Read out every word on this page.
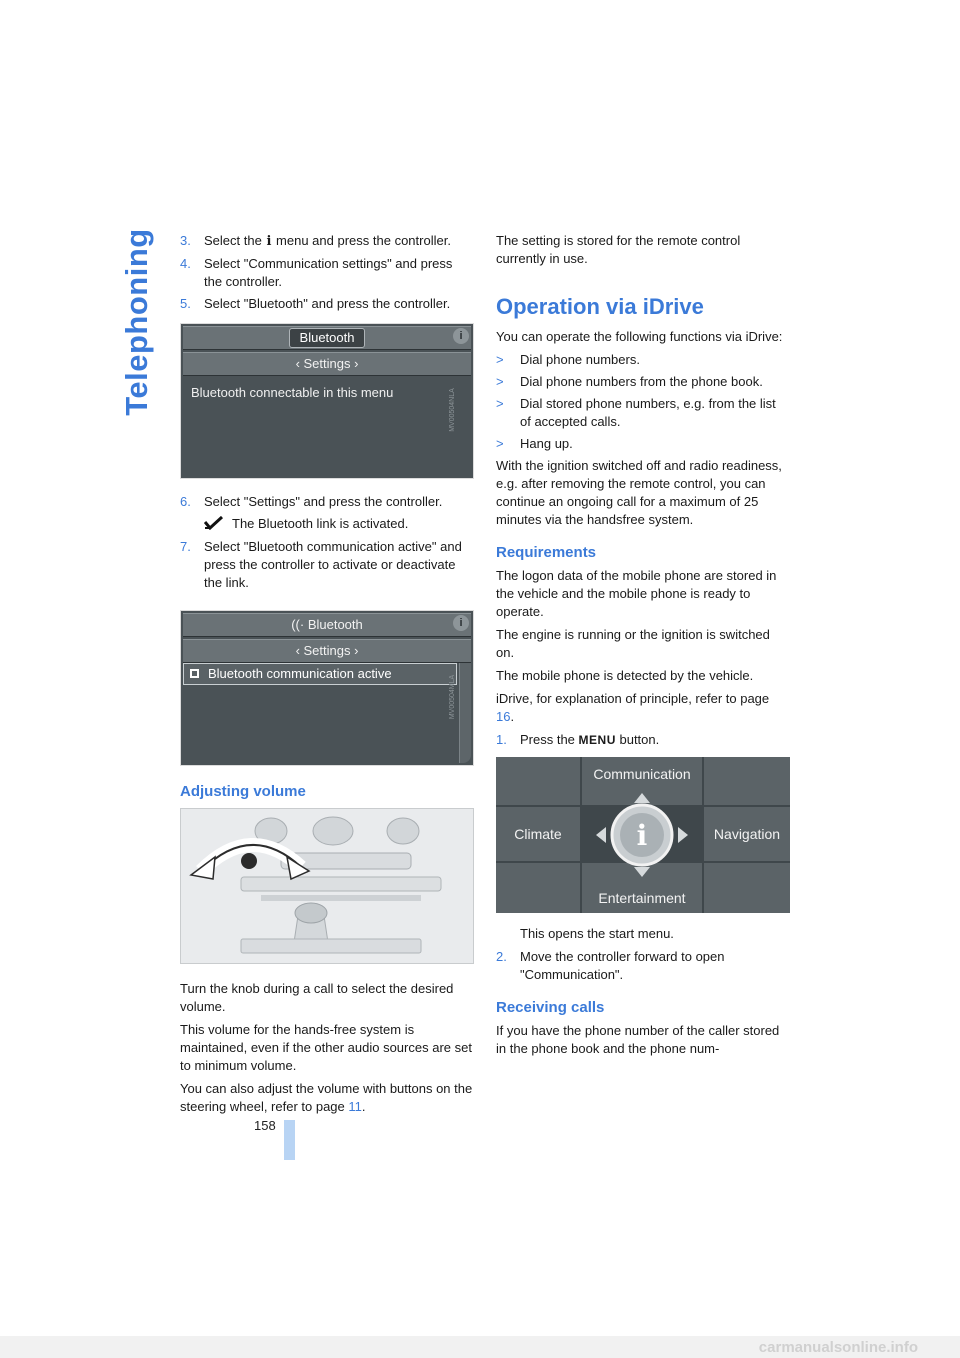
Telephoning
158
3. Select the i menu and press the controller.
4. Select "Communication settings" and press the controller.
5. Select "Bluetooth" and press the controller.
Bluetooth	i
‹ Settings ›
Bluetooth connectable in this menu	MV00504NLA
6. Select "Settings" and press the controller.
The Bluetooth link is activated.
7. Select "Bluetooth communication active" and press the controller to activate or deactivate the link.
((· Bluetooth	i
‹ Settings ›
Bluetooth communication active
MV00504MLA
Adjusting volume

Turn the knob during a call to select the desired volume.

This volume for the hands-free system is maintained, even if the other audio sources are set to minimum volume.

You can also adjust the volume with buttons on the steering wheel, refer to page 11.

The setting is stored for the remote control currently in use.

Operation via iDrive

You can operate the following functions via iDrive:

> Dial phone numbers.
> Dial phone numbers from the phone book.
> Dial stored phone numbers, e.g. from the list of accepted calls.
> Hang up.

With the ignition switched off and radio readiness, e.g. after removing the remote control, you can continue an ongoing call for a maximum of 25 minutes via the handsfree system.

Requirements

The logon data of the mobile phone are stored in the vehicle and the mobile phone is ready to operate.

The engine is running or the ignition is switched on.

The mobile phone is detected by the vehicle.

iDrive, for explanation of principle, refer to page 16.

1. Press the MENU button.
Communication
Climate	Navigation
Entertainment
i
This opens the start menu.
2. Move the controller forward to open "Communication".
Receiving calls

If you have the phone number of the caller stored in the phone book and the phone num-

carmanualsonline.info
